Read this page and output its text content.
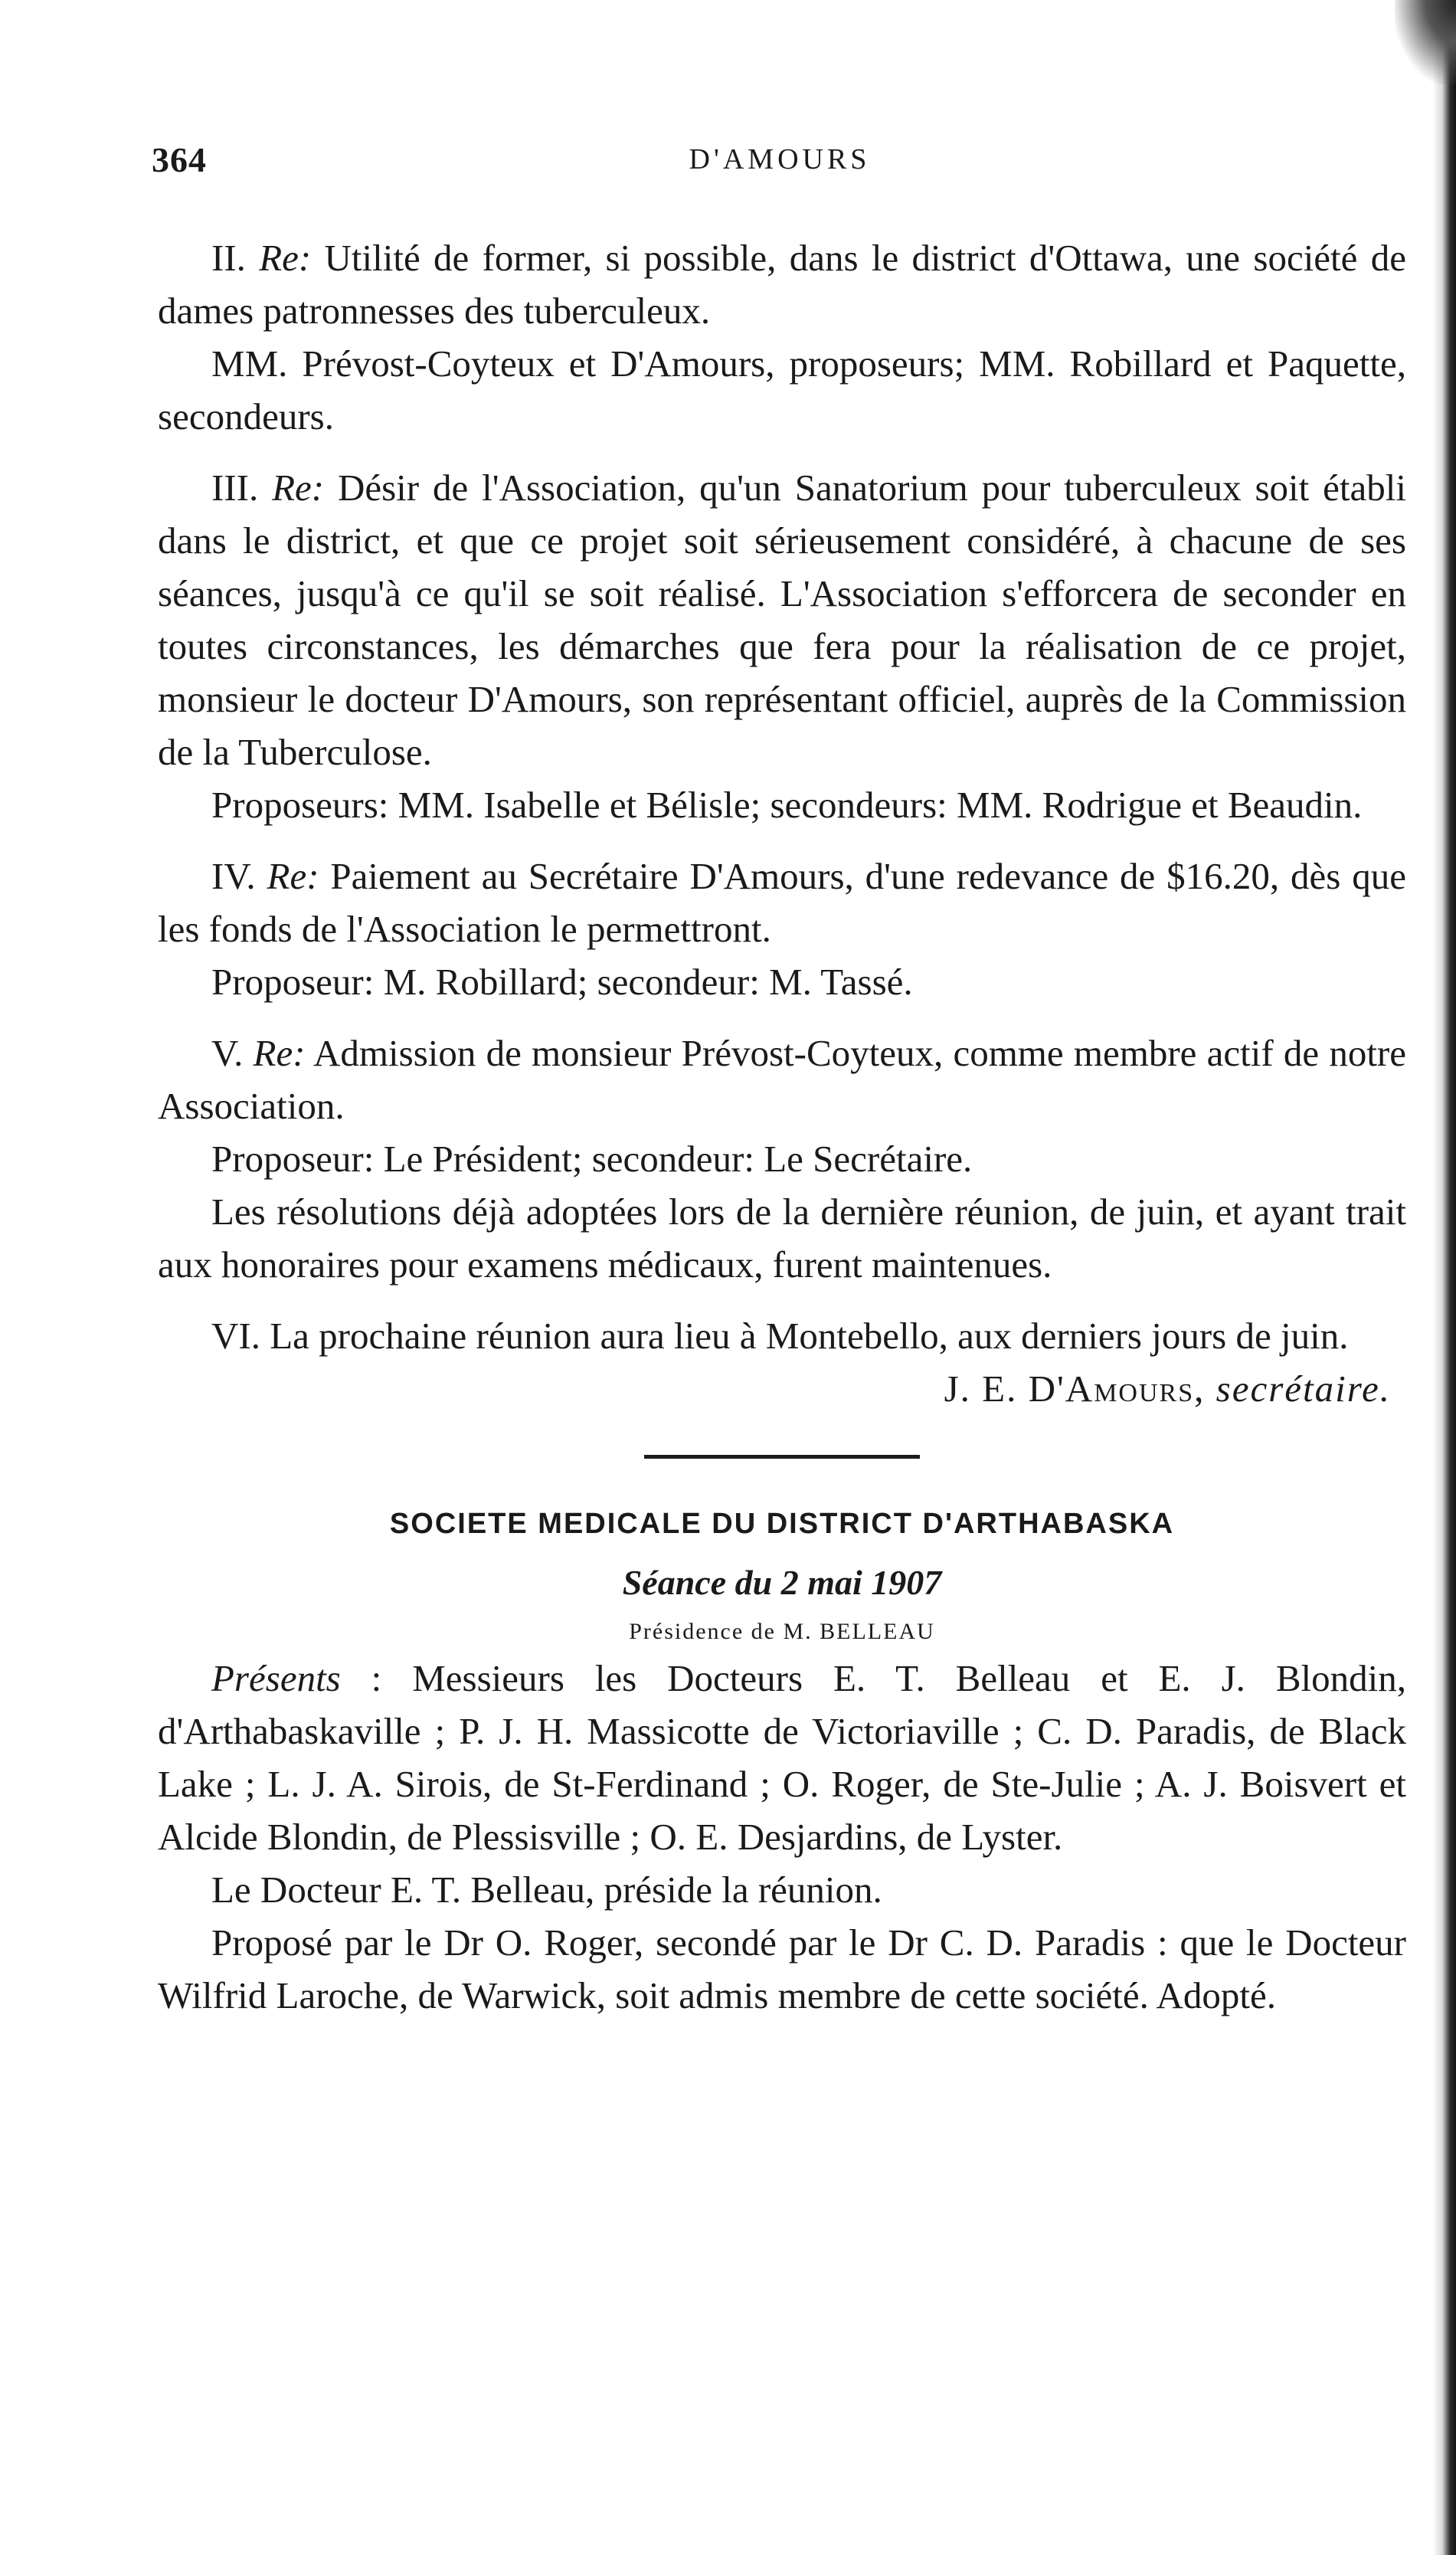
364	D'AMOURS

II. Re: Utilité de former, si possible, dans le district d'Ottawa, une société de dames patronnesses des tuberculeux.

MM. Prévost-Coyteux et D'Amours, proposeurs; MM. Robillard et Paquette, secondeurs.

III. Re: Désir de l'Association, qu'un Sanatorium pour tuberculeux soit établi dans le district, et que ce projet soit sérieusement considéré, à chacune de ses séances, jusqu'à ce qu'il se soit réalisé. L'Association s'efforcera de seconder en toutes circonstances, les démarches que fera pour la réalisation de ce projet, monsieur le docteur D'Amours, son représentant officiel, auprès de la Commission de la Tuberculose.

Proposeurs: MM. Isabelle et Bélisle; secondeurs: MM. Rodrigue et Beaudin.

IV. Re: Paiement au Secrétaire D'Amours, d'une redevance de $16.20, dès que les fonds de l'Association le permettront.

Proposeur: M. Robillard; secondeur: M. Tassé.

V. Re: Admission de monsieur Prévost-Coyteux, comme membre actif de notre Association.

Proposeur: Le Président; secondeur: Le Secrétaire.

Les résolutions déjà adoptées lors de la dernière réunion, de juin, et ayant trait aux honoraires pour examens médicaux, furent maintenues.

VI. La prochaine réunion aura lieu à Montebello, aux derniers jours de juin.

J. E. D'Amours, secrétaire.

SOCIETE MEDICALE DU DISTRICT D'ARTHABASKA
Séance du 2 mai 1907
Présidence de M. BELLEAU

Présents : Messieurs les Docteurs E. T. Belleau et E. J. Blondin, d'Arthabaskaville ; P. J. H. Massicotte de Victoriaville ; C. D. Paradis, de Black Lake ; L. J. A. Sirois, de St-Ferdinand ; O. Roger, de Ste-Julie ; A. J. Boisvert et Alcide Blondin, de Plessisville ; O. E. Desjardins, de Lyster.

Le Docteur E. T. Belleau, préside la réunion.

Proposé par le Dr O. Roger, secondé par le Dr C. D. Paradis : que le Docteur Wilfrid Laroche, de Warwick, soit admis membre de cette société. Adopté.
